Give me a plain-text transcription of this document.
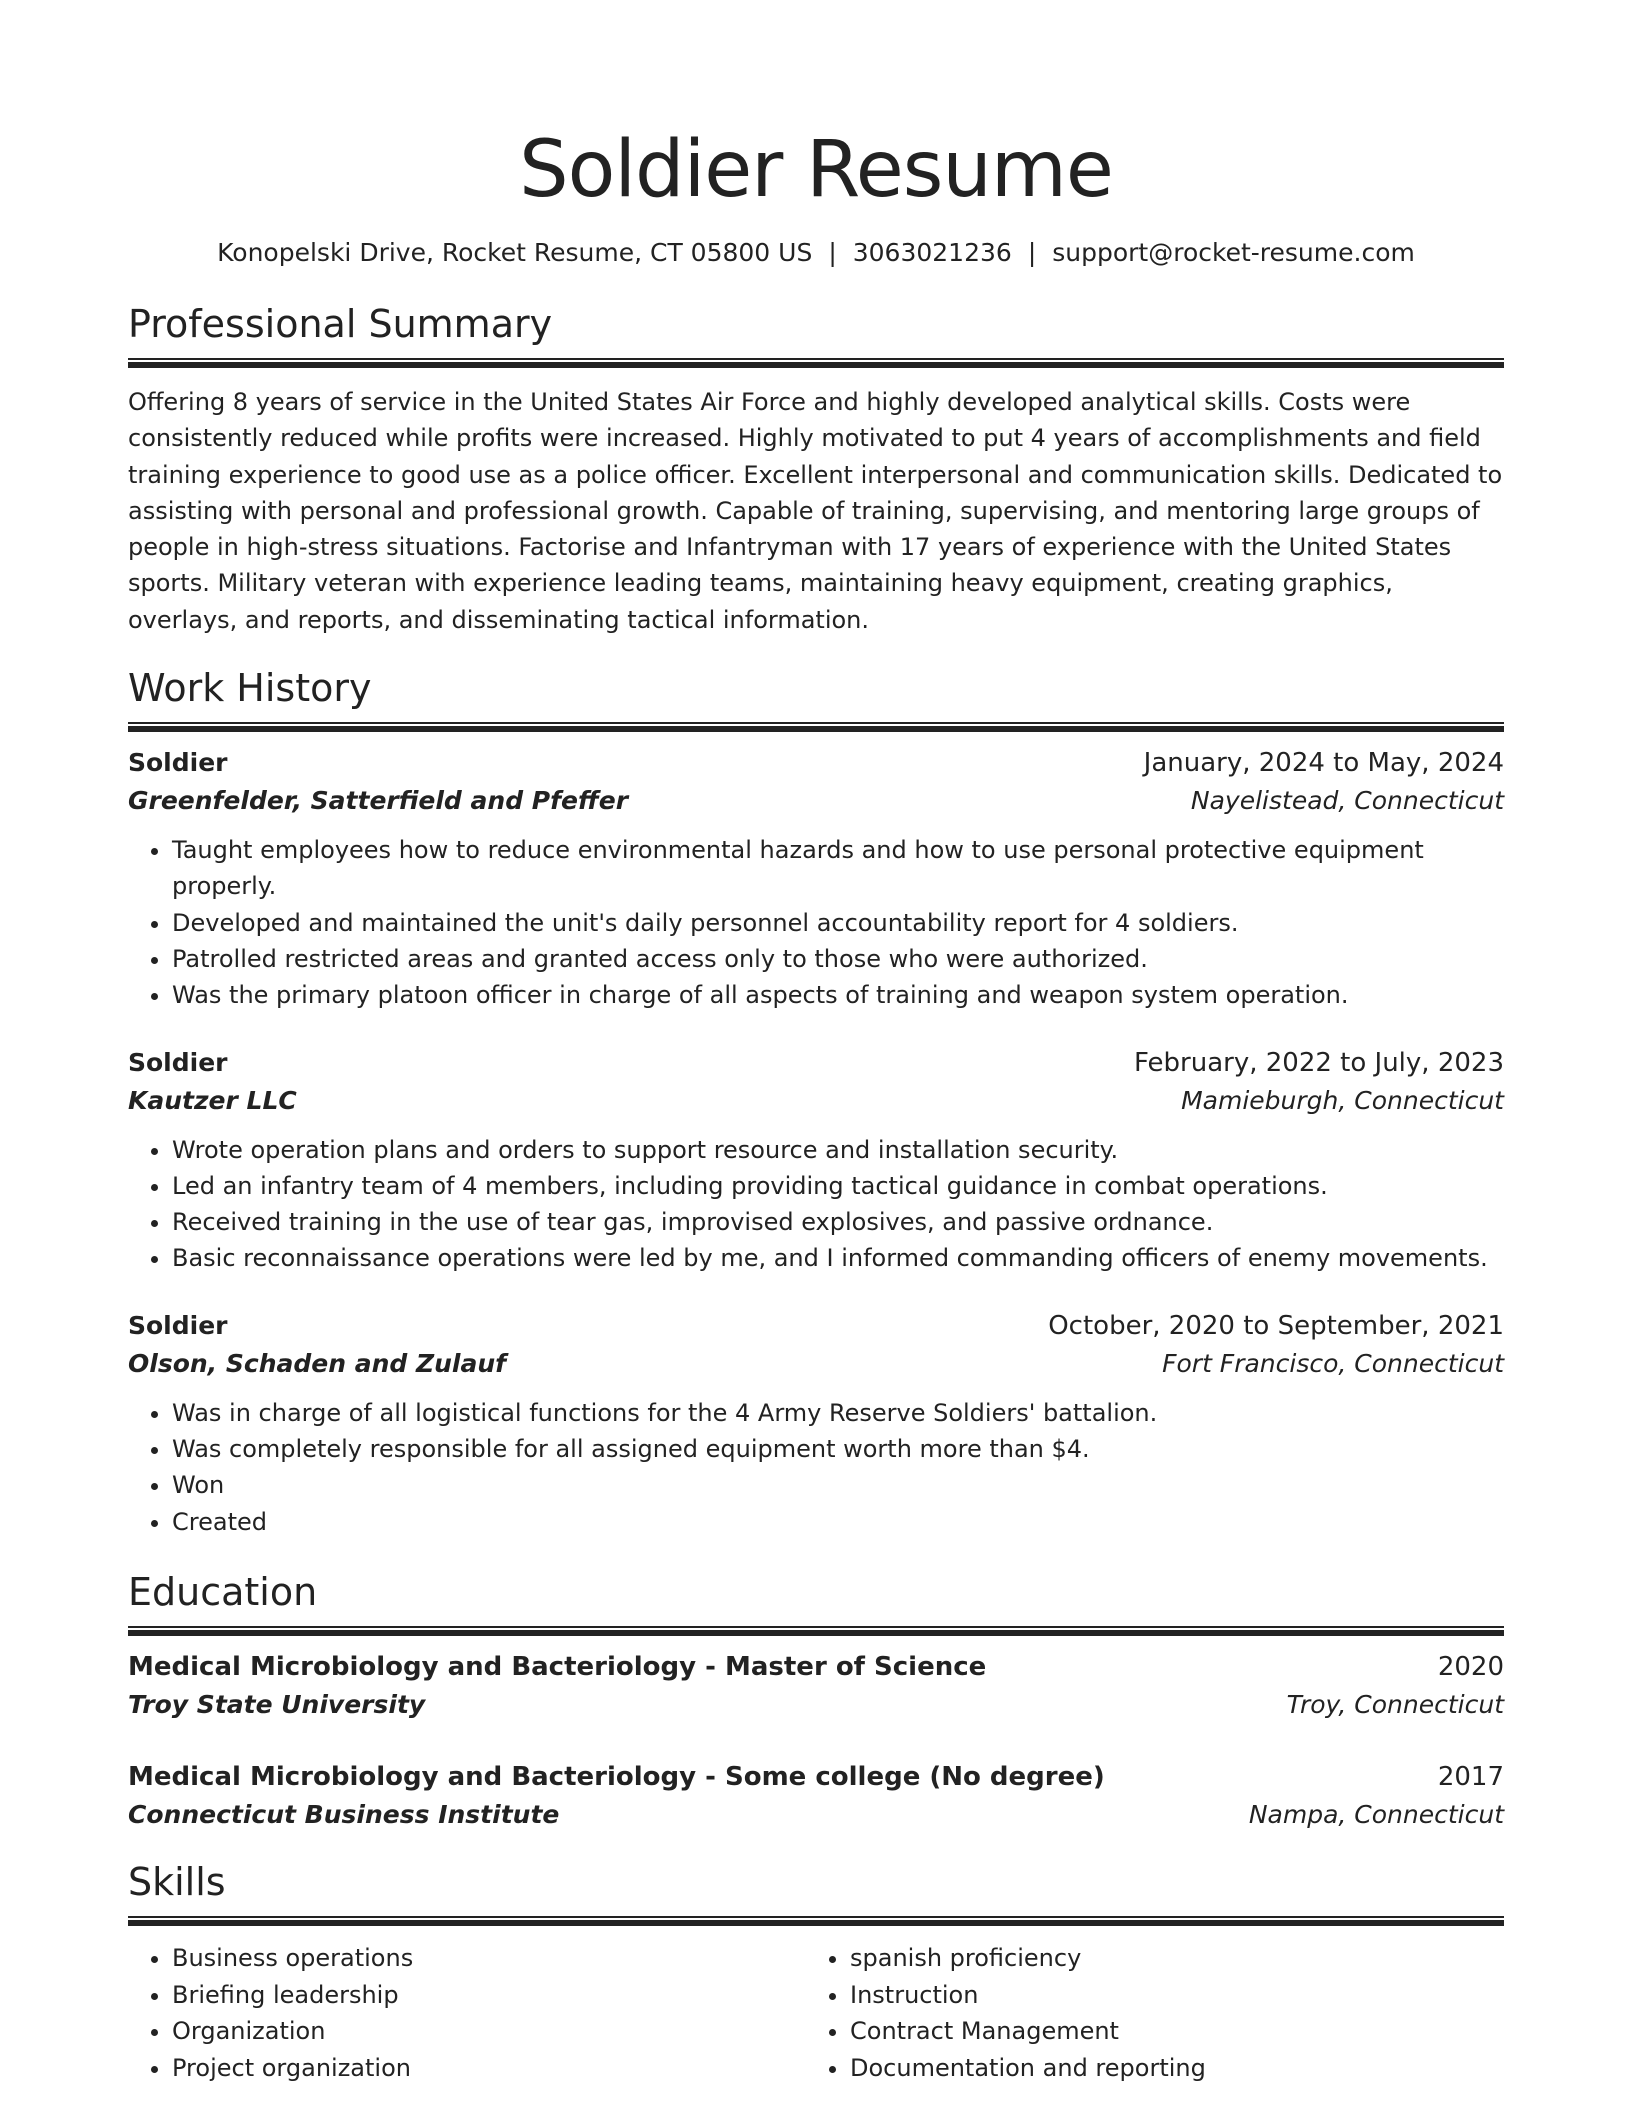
Soldier Resume
Konopelski Drive, Rocket Resume, CT 05800 US | 3063021236 | support@rocket-resume.com
Professional Summary

Offering 8 years of service in the United States Air Force and highly developed analytical skills. Costs were consistently reduced while profits were increased. Highly motivated to put 4 years of accomplishments and field training experience to good use as a police officer. Excellent interpersonal and communication skills. Dedicated to assisting with personal and professional growth. Capable of training, supervising, and mentoring large groups of people in high-stress situations. Factorise and Infantryman with 17 years of experience with the United States sports. Military veteran with experience leading teams, maintaining heavy equipment, creating graphics, overlays, and reports, and disseminating tactical information.

Work History
Soldier	January, 2024 to May, 2024
Greenfelder, Satterfield and Pfeffer	Nayelistead, Connecticut
• Taught employees how to reduce environmental hazards and how to use personal protective equipment properly.
• Developed and maintained the unit's daily personnel accountability report for 4 soldiers.
• Patrolled restricted areas and granted access only to those who were authorized.
• Was the primary platoon officer in charge of all aspects of training and weapon system operation.
Soldier	February, 2022 to July, 2023
Kautzer LLC	Mamieburgh, Connecticut
• Wrote operation plans and orders to support resource and installation security.
• Led an infantry team of 4 members, including providing tactical guidance in combat operations.
• Received training in the use of tear gas, improvised explosives, and passive ordnance.
• Basic reconnaissance operations were led by me, and I informed commanding officers of enemy movements.
Soldier	October, 2020 to September, 2021
Olson, Schaden and Zulauf	Fort Francisco, Connecticut
• Was in charge of all logistical functions for the 4 Army Reserve Soldiers' battalion.
• Was completely responsible for all assigned equipment worth more than $4.
• Won
• Created
Education
Medical Microbiology and Bacteriology - Master of Science	2020
Troy State University	Troy, Connecticut
Medical Microbiology and Bacteriology - Some college (No degree)	2017
Connecticut Business Institute	Nampa, Connecticut
Skills
• Business operations
• Briefing leadership
• Organization
• Project organization
• spanish proficiency
• Instruction
• Contract Management
• Documentation and reporting
